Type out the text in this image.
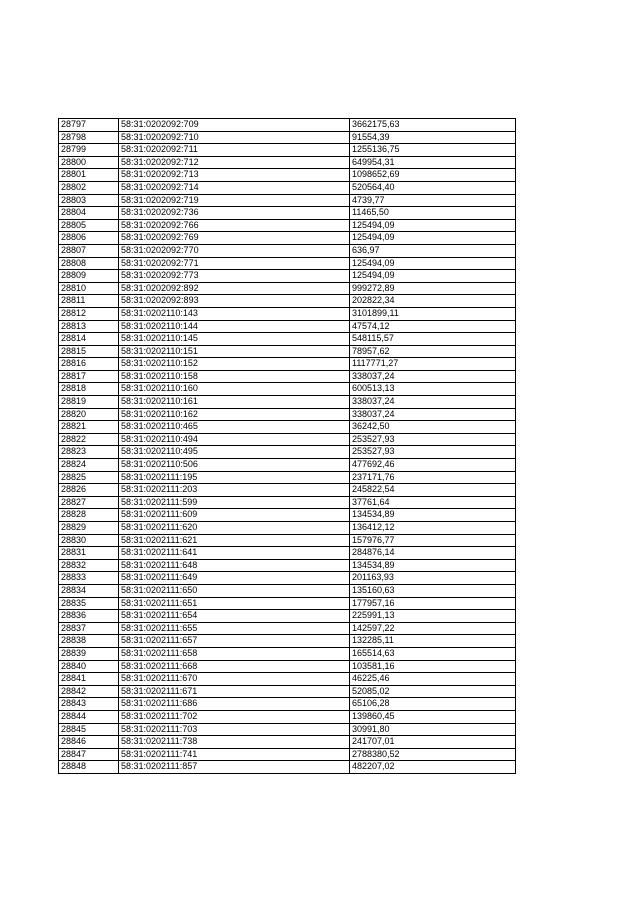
28797	58:31:0202092:709	3662175,63
28798	58:31:0202092:710	91554,39
28799	58:31:0202092:711	1255136,75
28800	58:31:0202092:712	649954,31
28801	58:31:0202092:713	1098652,69
28802	58:31:0202092:714	520564,40
28803	58:31:0202092:719	4739,77
28804	58:31:0202092:736	11465,50
28805	58:31:0202092:766	125494,09
28806	58:31:0202092:769	125494,09
28807	58:31:0202092:770	636,97
28808	58:31:0202092:771	125494,09
28809	58:31:0202092:773	125494,09
28810	58:31:0202092:892	999272,89
28811	58:31:0202092:893	202822,34
28812	58:31:0202110:143	3101899,11
28813	58:31:0202110:144	47574,12
28814	58:31:0202110:145	548115,57
28815	58:31:0202110:151	78957,62
28816	58:31:0202110:152	1117771,27
28817	58:31:0202110:158	338037,24
28818	58:31:0202110:160	600513,13
28819	58:31:0202110:161	338037,24
28820	58:31:0202110:162	338037,24
28821	58:31:0202110:465	36242,50
28822	58:31:0202110:494	253527,93
28823	58:31:0202110:495	253527,93
28824	58:31:0202110:506	477692,46
28825	58:31:0202111:195	237171,76
28826	58:31:0202111:203	245822,54
28827	58:31:0202111:599	37761,64
28828	58:31:0202111:609	134534,89
28829	58:31:0202111:620	136412,12
28830	58:31:0202111:621	157976,77
28831	58:31:0202111:641	284876,14
28832	58:31:0202111:648	134534,89
28833	58:31:0202111:649	201163,93
28834	58:31:0202111:650	135160,63
28835	58:31:0202111:651	177957,16
28836	58:31:0202111:654	225991,13
28837	58:31:0202111:655	142597,22
28838	58:31:0202111:657	132285,11
28839	58:31:0202111:658	165514,63
28840	58:31:0202111:668	103581,16
28841	58:31:0202111:670	46225,46
28842	58:31:0202111:671	52085,02
28843	58:31:0202111:686	65106,28
28844	58:31:0202111:702	139860,45
28845	58:31:0202111:703	30991,80
28846	58:31:0202111:738	241707,01
28847	58:31:0202111:741	2788380,52
28848	58:31:0202111:857	482207,02
